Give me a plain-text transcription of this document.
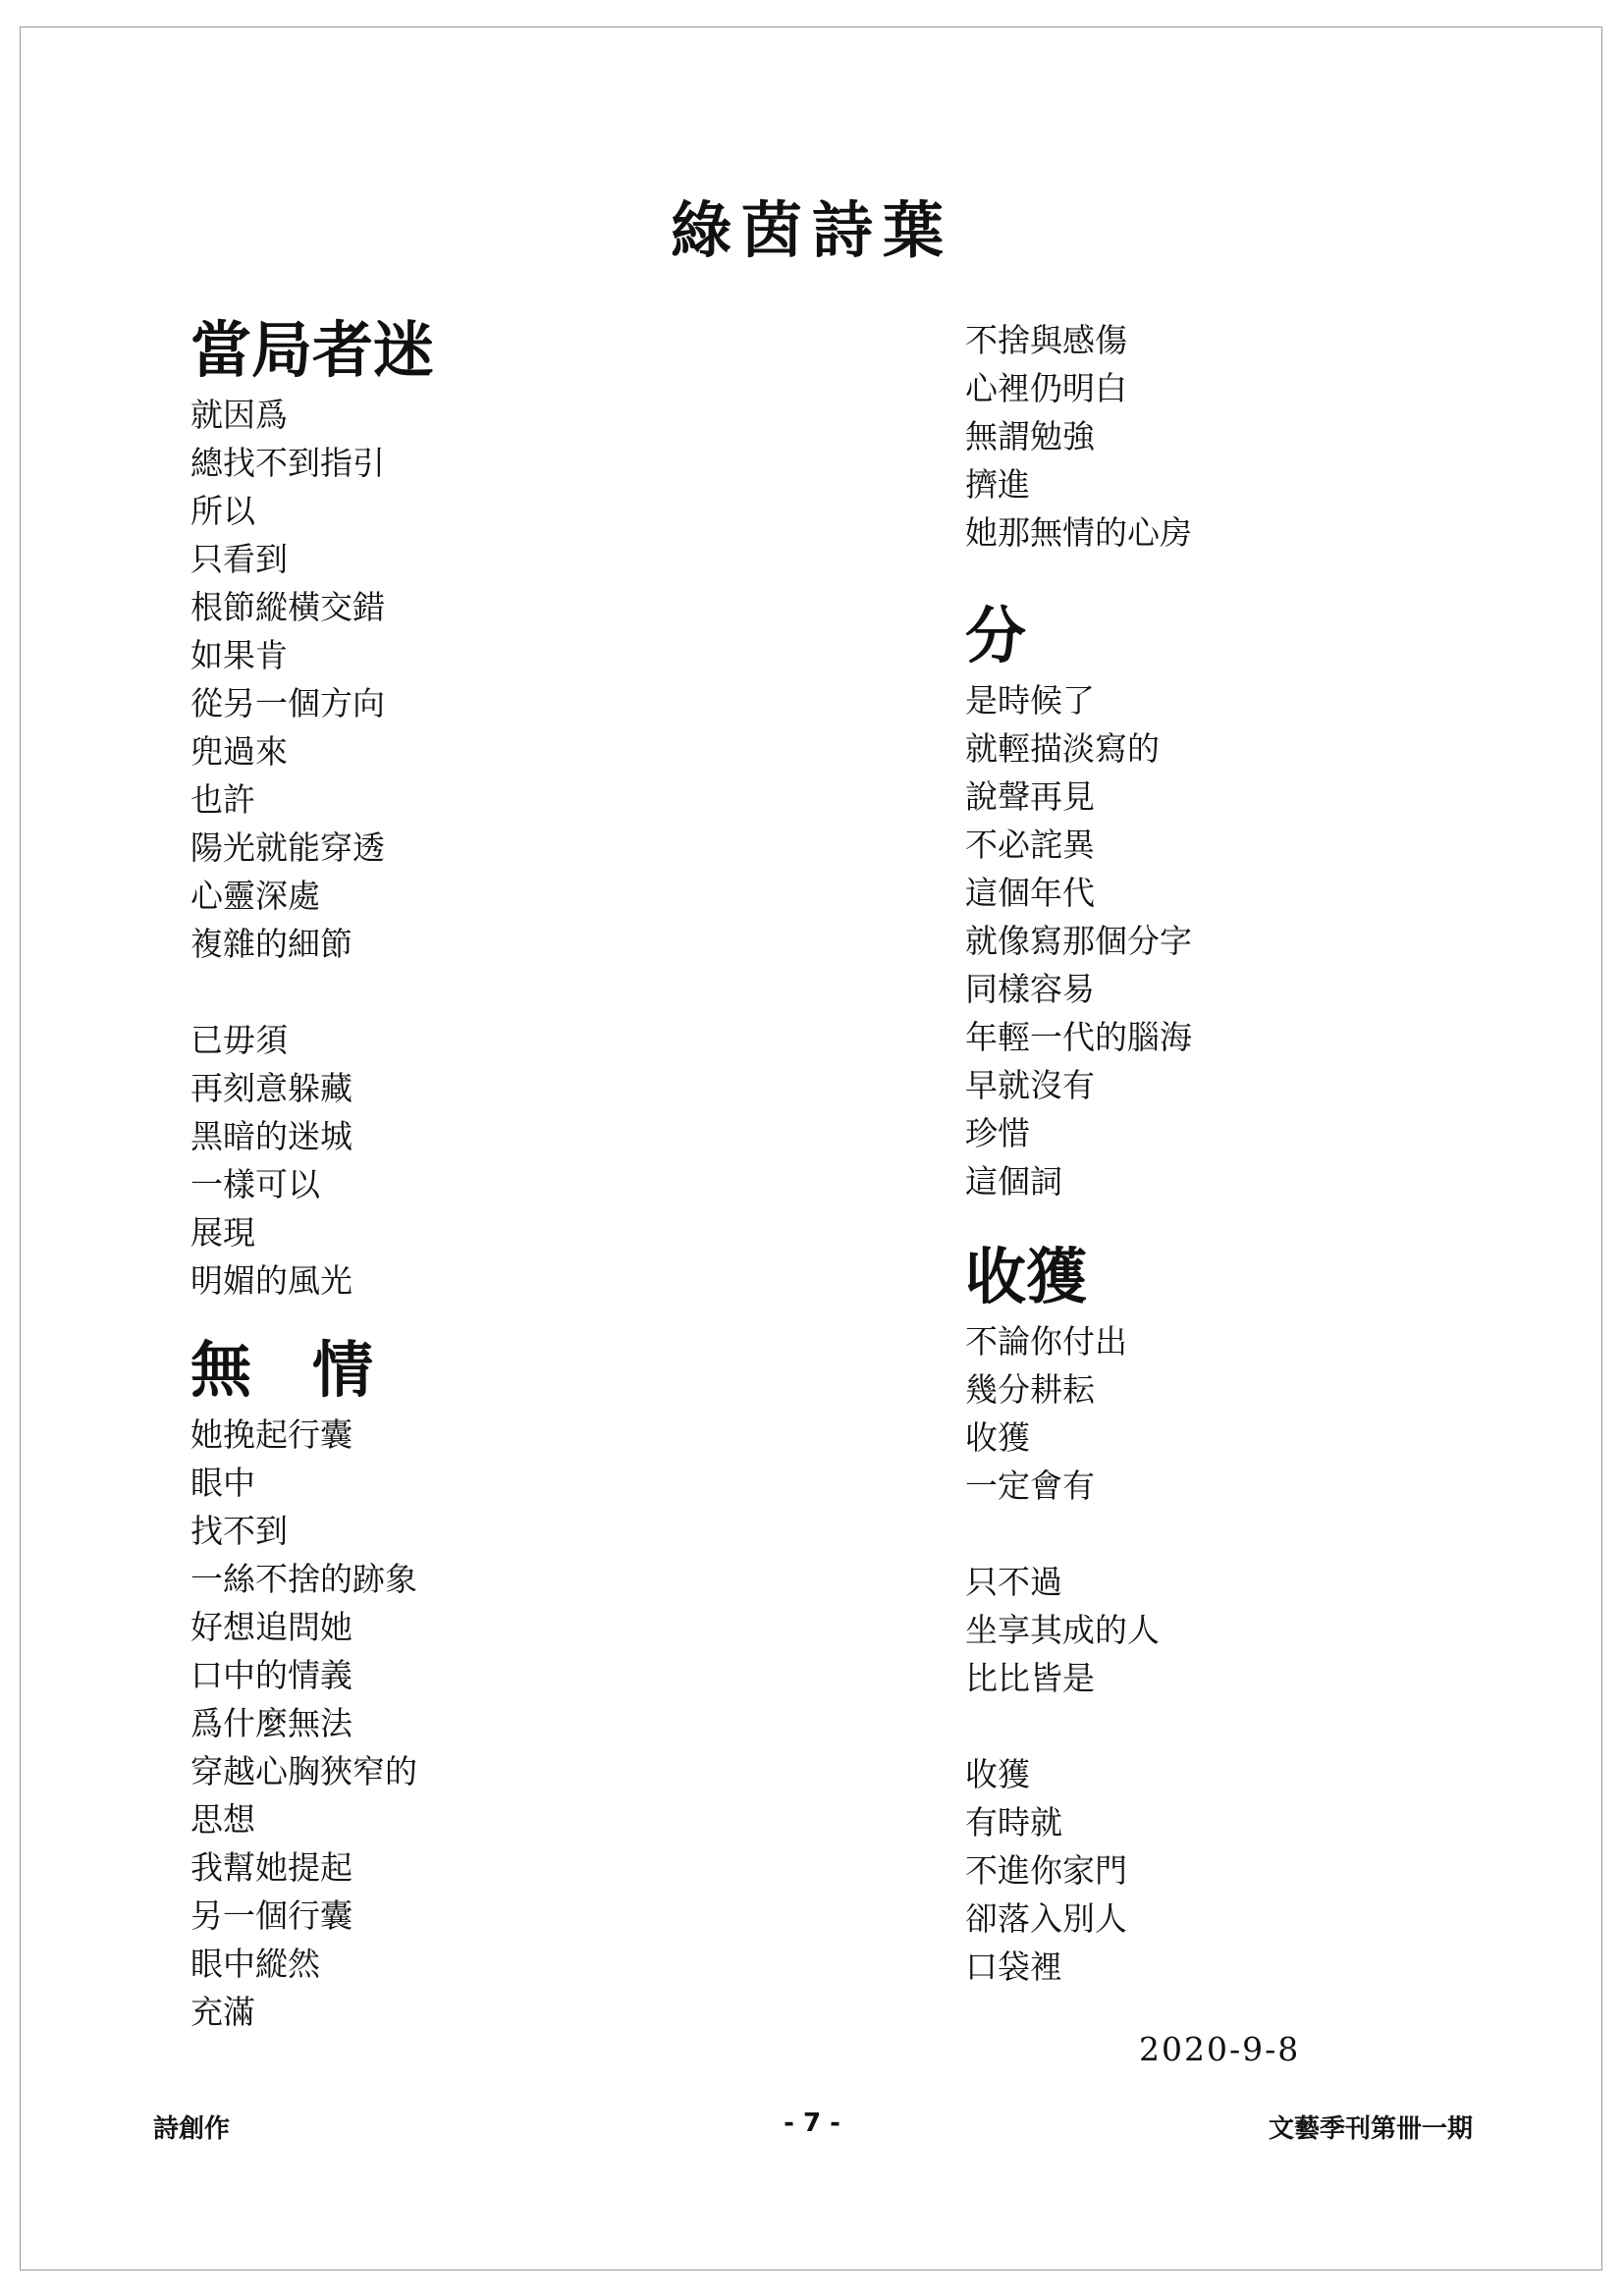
綠茵詩葉
當局者迷
就因爲
總找不到指引
所以
只看到
根節縱橫交錯
如果肯
從另一個方向
兜過來
也許
陽光就能穿透
心靈深處
複雜的細節
已毋須
再刻意躲藏
黑暗的迷城
一樣可以
展現
明媚的風光
無　情
她挽起行囊
眼中
找不到
一絲不捨的跡象
好想追問她
口中的情義
爲什麼無法
穿越心胸狹窄的
思想
我幫她提起
另一個行囊
眼中縱然
充滿
不捨與感傷
心裡仍明白
無謂勉強
擠進
她那無情的心房
分
是時候了
就輕描淡寫的
說聲再見
不必詫異
這個年代
就像寫那個分字
同樣容易
年輕一代的腦海
早就沒有
珍惜
這個詞
收獲
不論你付出
幾分耕耘
收獲
一定會有
只不過
坐享其成的人
比比皆是
收獲
有時就
不進你家門
卻落入別人
口袋裡
2020-9-8
詩創作	- 7 -	文藝季刊第卌一期
